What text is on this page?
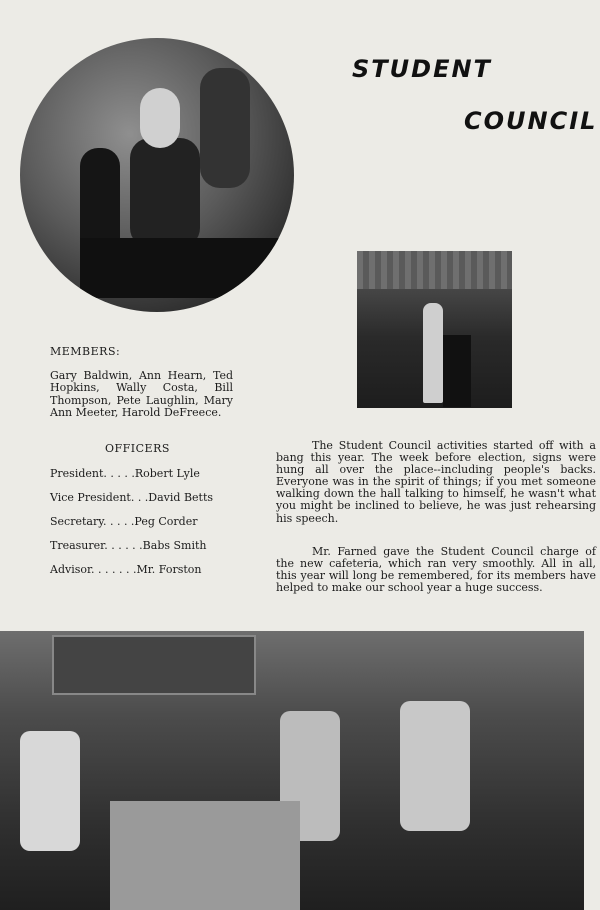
STUDENT
COUNCIL
MEMBERS:
Gary Baldwin, Ann Hearn, Ted Hopkins, Wally Costa, Bill Thompson, Pete Laughlin, Mary Ann Meeter, Harold DeFreece.
OFFICERS
President. . . . .Robert Lyle
Vice President. . .David Betts
Secretary. . . . .Peg Corder
Treasurer. . . . . .Babs Smith
Advisor. . . . . . .Mr. Forston
The Student Council activities started off with a bang this year. The week before election, signs were hung all over the place--including people's backs. Everyone was in the spirit of things; if you met someone walking down the hall talking to himself, he wasn't what you might be inclined to believe, he was just rehearsing his speech.
Mr. Farned gave the Student Council charge of the new cafeteria, which ran very smoothly. All in all, this year will long be remembered, for its members have helped to make our school year a huge success.
